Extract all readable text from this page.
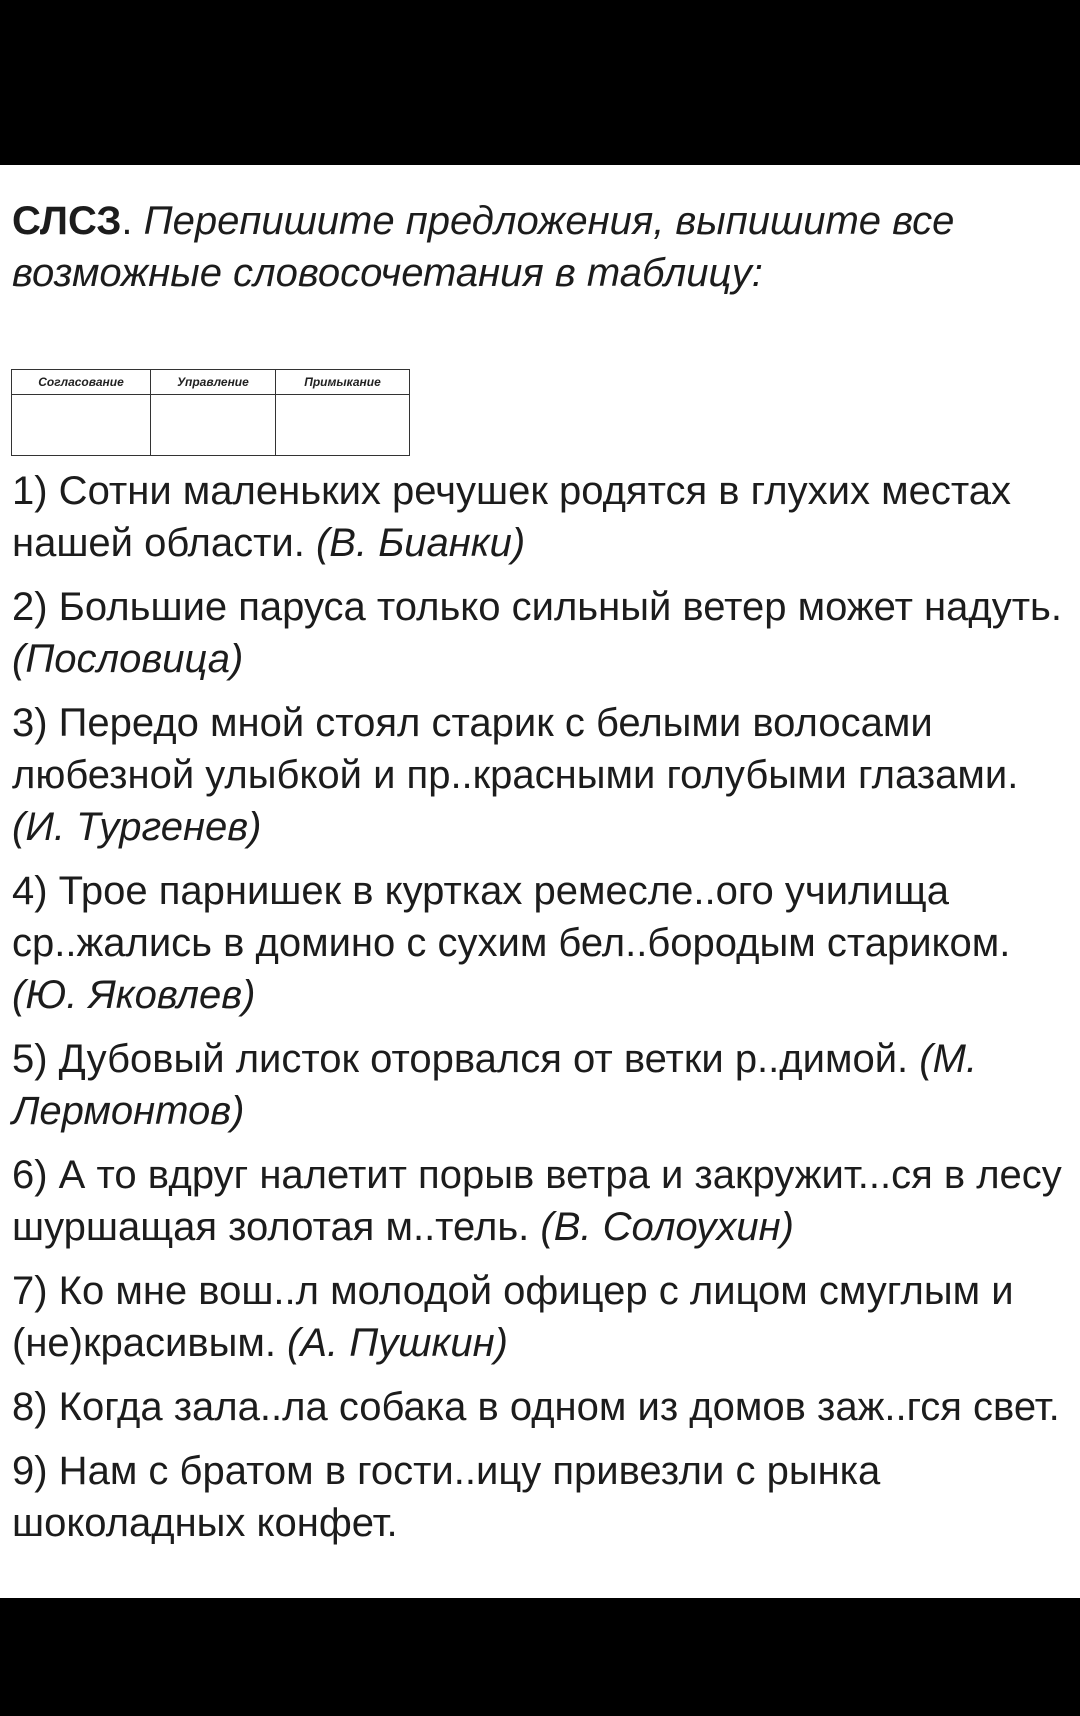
СЛСЗ. Перепишите предложения, выпишите все возможные словосочетания в таблицу:
Согласование	Управление	Примыкание

1) Сотни маленьких речушек родятся в глухих местах нашей области. (В. Бианки)
2) Большие паруса только сильный ветер может надуть. (Пословица)
3) Передо мной стоял старик с белыми волосами любезной улыбкой и пр..красными голубыми глазами. (И. Тургенев)
4) Трое парнишек в куртках ремесле..ого училища ср..жались в домино с сухим бел..бородым стариком. (Ю. Яковлев)
5) Дубовый листок оторвался от ветки р..димой. (М. Лермонтов)
6) А то вдруг налетит порыв ветра и закружит...ся в лесу шуршащая золотая м..тель. (В. Солоухин)
7) Ко мне вош..л молодой офицер с лицом смуглым и (не)красивым. (А. Пушкин)
8) Когда зала..ла собака в одном из домов заж..гся свет.
9) Нам с братом в гости..ицу привезли с рынка шоколадных конфет.
